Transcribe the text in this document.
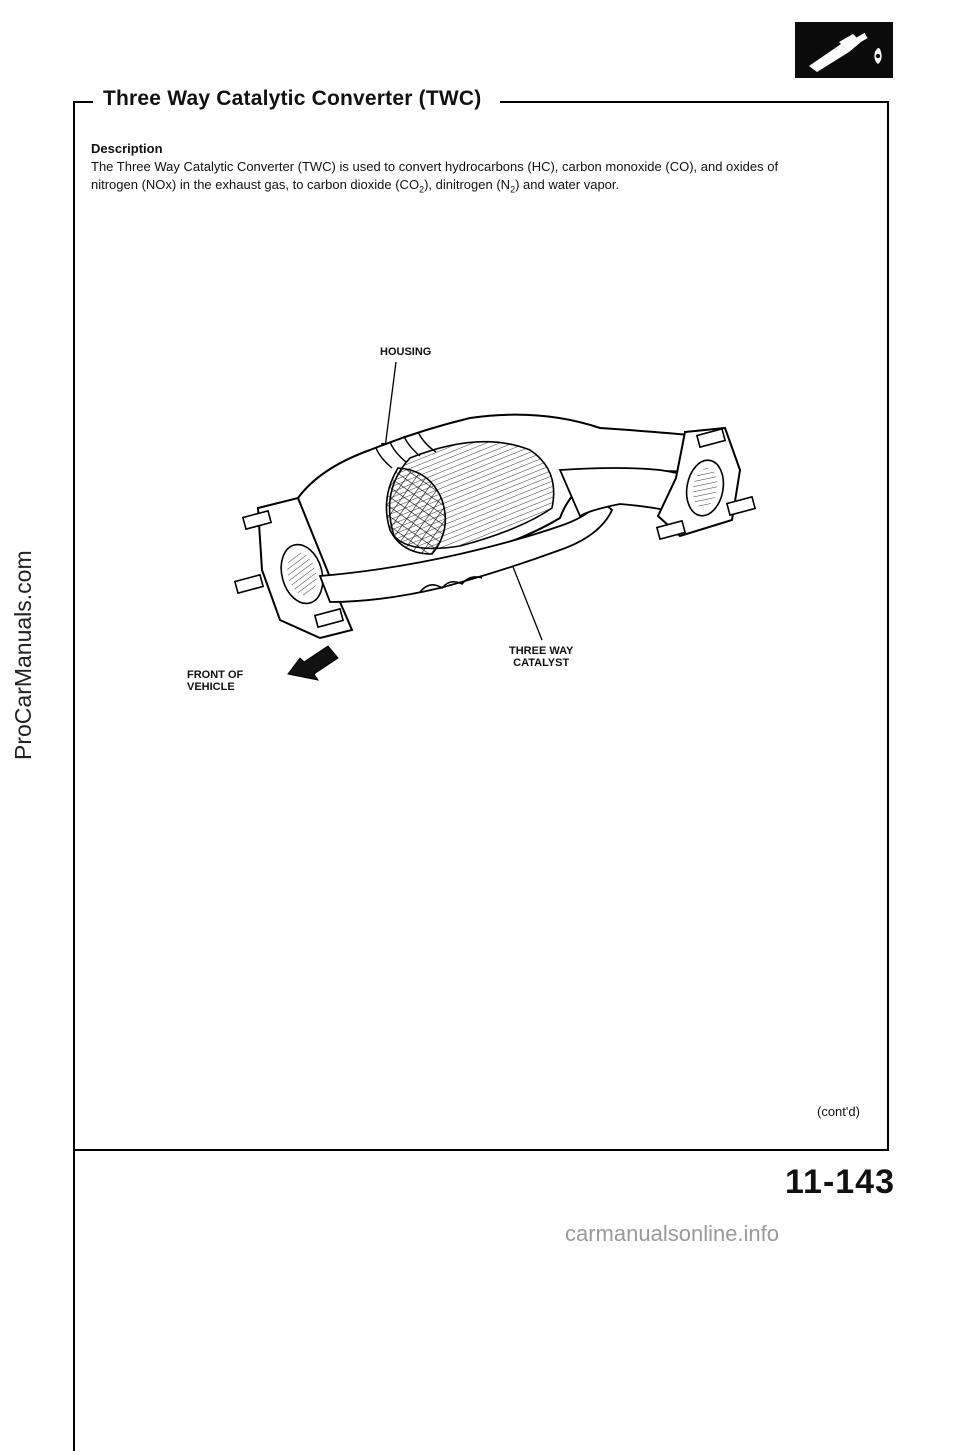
Three Way Catalytic Converter (TWC)
Description
The Three Way Catalytic Converter (TWC) is used to convert hydrocarbons (HC), carbon monoxide (CO), and oxides of
nitrogen (NOx) in the exhaust gas, to carbon dioxide $(CO_2)$, dinitrogen $(N_2)$ and water vapor.
HOUSING
THREE WAY
CATALYST
FRONT OF
VEHICLE
(cont'd)
11-143
ProCarManuals.com
carmanualsonline.info
